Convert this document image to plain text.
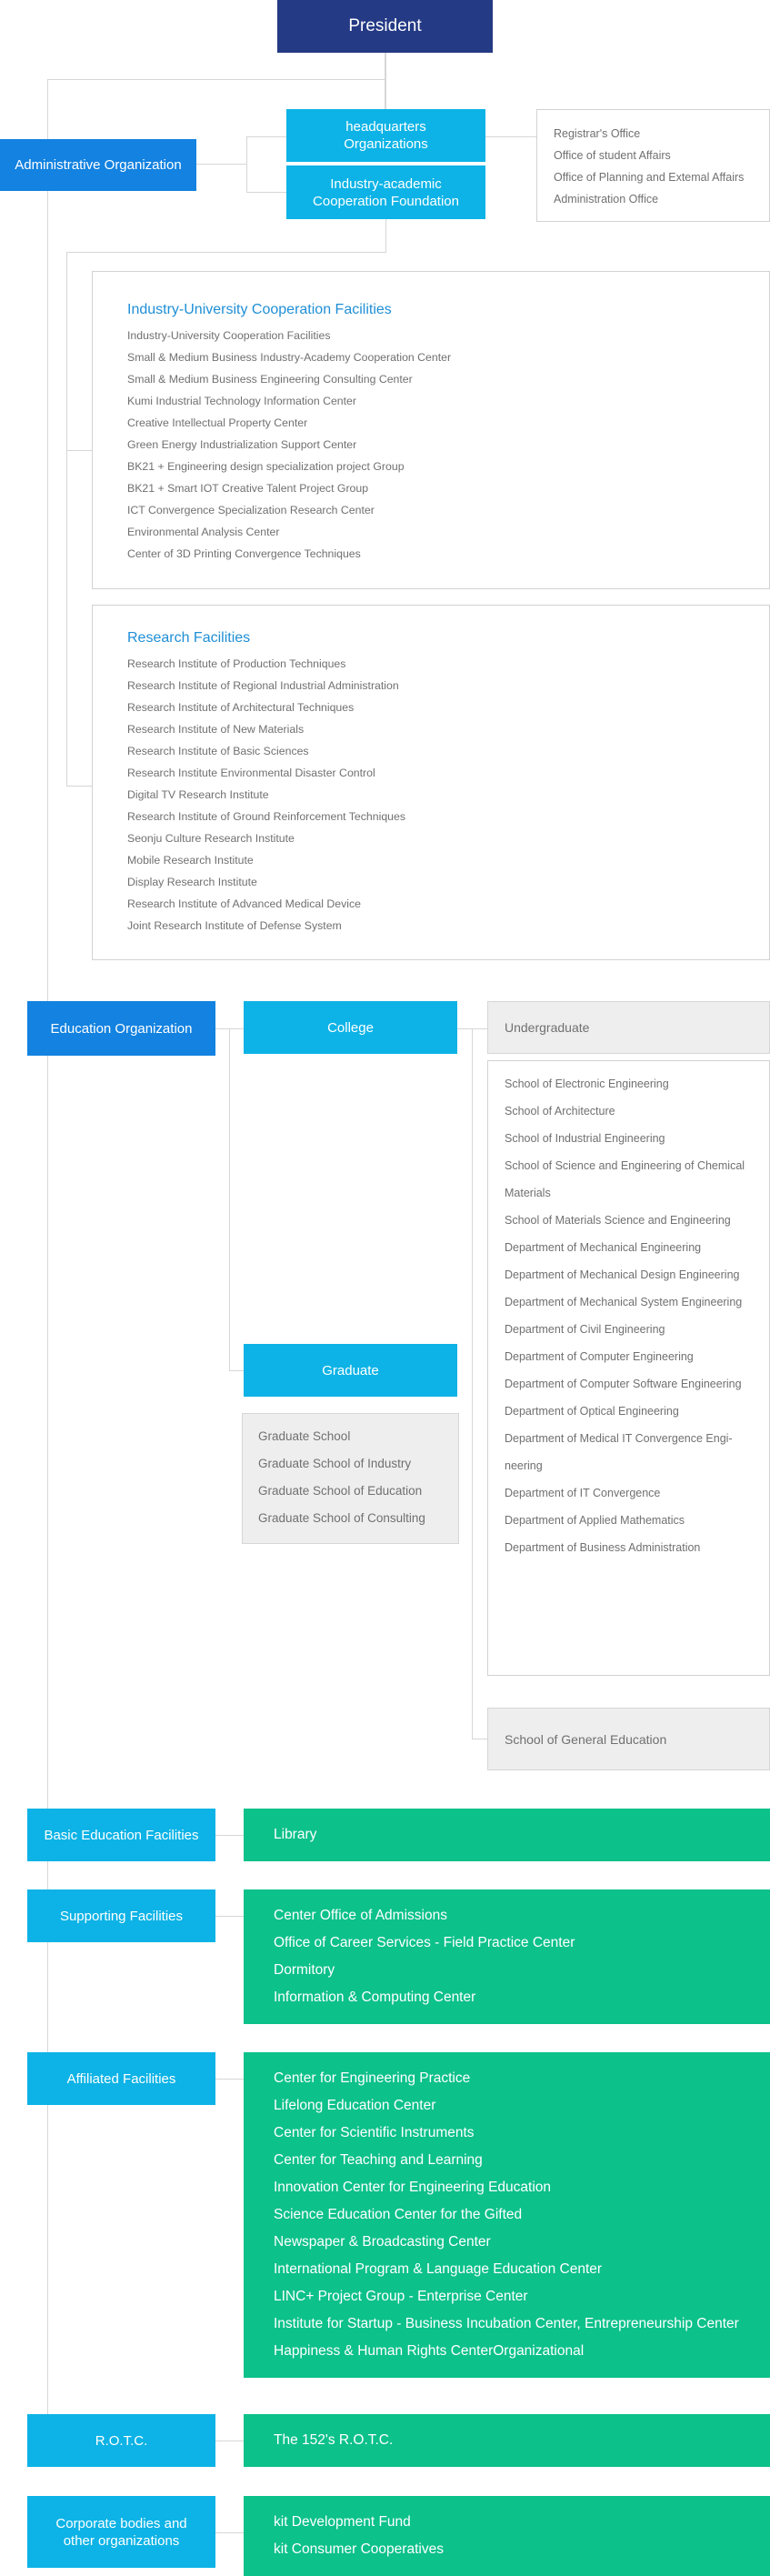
President
Administrative Organization
headquarters Organizations
Industry-academic Cooperation Foundation
Registrar's Office
Office of student Affairs
Office of Planning and Extemal Affairs
Administration Office

Industry-University Cooperation Facilities

Industry-University Cooperation Facilities
Small & Medium Business Industry-Academy Cooperation Center
Small & Medium Business Engineering Consulting Center
Kumi Industrial Technology Information Center
Creative Intellectual Property Center
Green Energy Industrialization Support Center
BK21 + Engineering design specialization project Group
BK21 + Smart IOT Creative Talent Project Group
ICT Convergence Specialization Research Center
Environmental Analysis Center
Center of 3D Printing Convergence Techniques

Research Facilities

Research Institute of Production Techniques
Research Institute of Regional Industrial Administration
Research Institute of Architectural Techniques
Research Institute of New Materials
Research Institute of Basic Sciences
Research Institute Environmental Disaster Control
Digital TV Research Institute
Research Institute of Ground Reinforcement Techniques
Seonju Culture Research Institute
Mobile Research Institute
Display Research Institute
Research Institute of Advanced Medical Device
Joint Research Institute of Defense System
Education Organization	College	Undergraduate
School of Electronic Engineering
School of Architecture
School of Industrial Engineering
School of Science and Engineering of Chemical
Materials
School of Materials Science and Engineering
Department of Mechanical Engineering
Department of Mechanical Design Engineering
Department of Mechanical System Engineering
Department of Civil Engineering
Department of Computer Engineering
Department of Computer Software Engineering
Department of Optical Engineering
Department of Medical IT Convergence Engi-
neering
Department of IT Convergence
Department of Applied Mathematics
Department of Business Administration
School of General Education
Graduate
Graduate School
Graduate School of Industry
Graduate School of Education
Graduate School of Consulting
Basic Education Facilities	Library
Supporting Facilities	Center Office of Admissions
Office of Career Services - Field Practice Center
Dormitory
Information & Computing Center
Affiliated Facilities	Center for Engineering Practice
Lifelong Education Center
Center for Scientific Instruments
Center for Teaching and Learning
Innovation Center for Engineering Education
Science Education Center for the Gifted
Newspaper & Broadcasting Center
International Program & Language Education Center
LINC+ Project Group - Enterprise Center
Institute for Startup - Business Incubation Center, Entrepreneurship Center
Happiness & Human Rights CenterOrganizational
R.O.T.C.	The 152's R.O.T.C.
Corporate bodies and other organizations
kit Development Fund
kit Consumer Cooperatives
